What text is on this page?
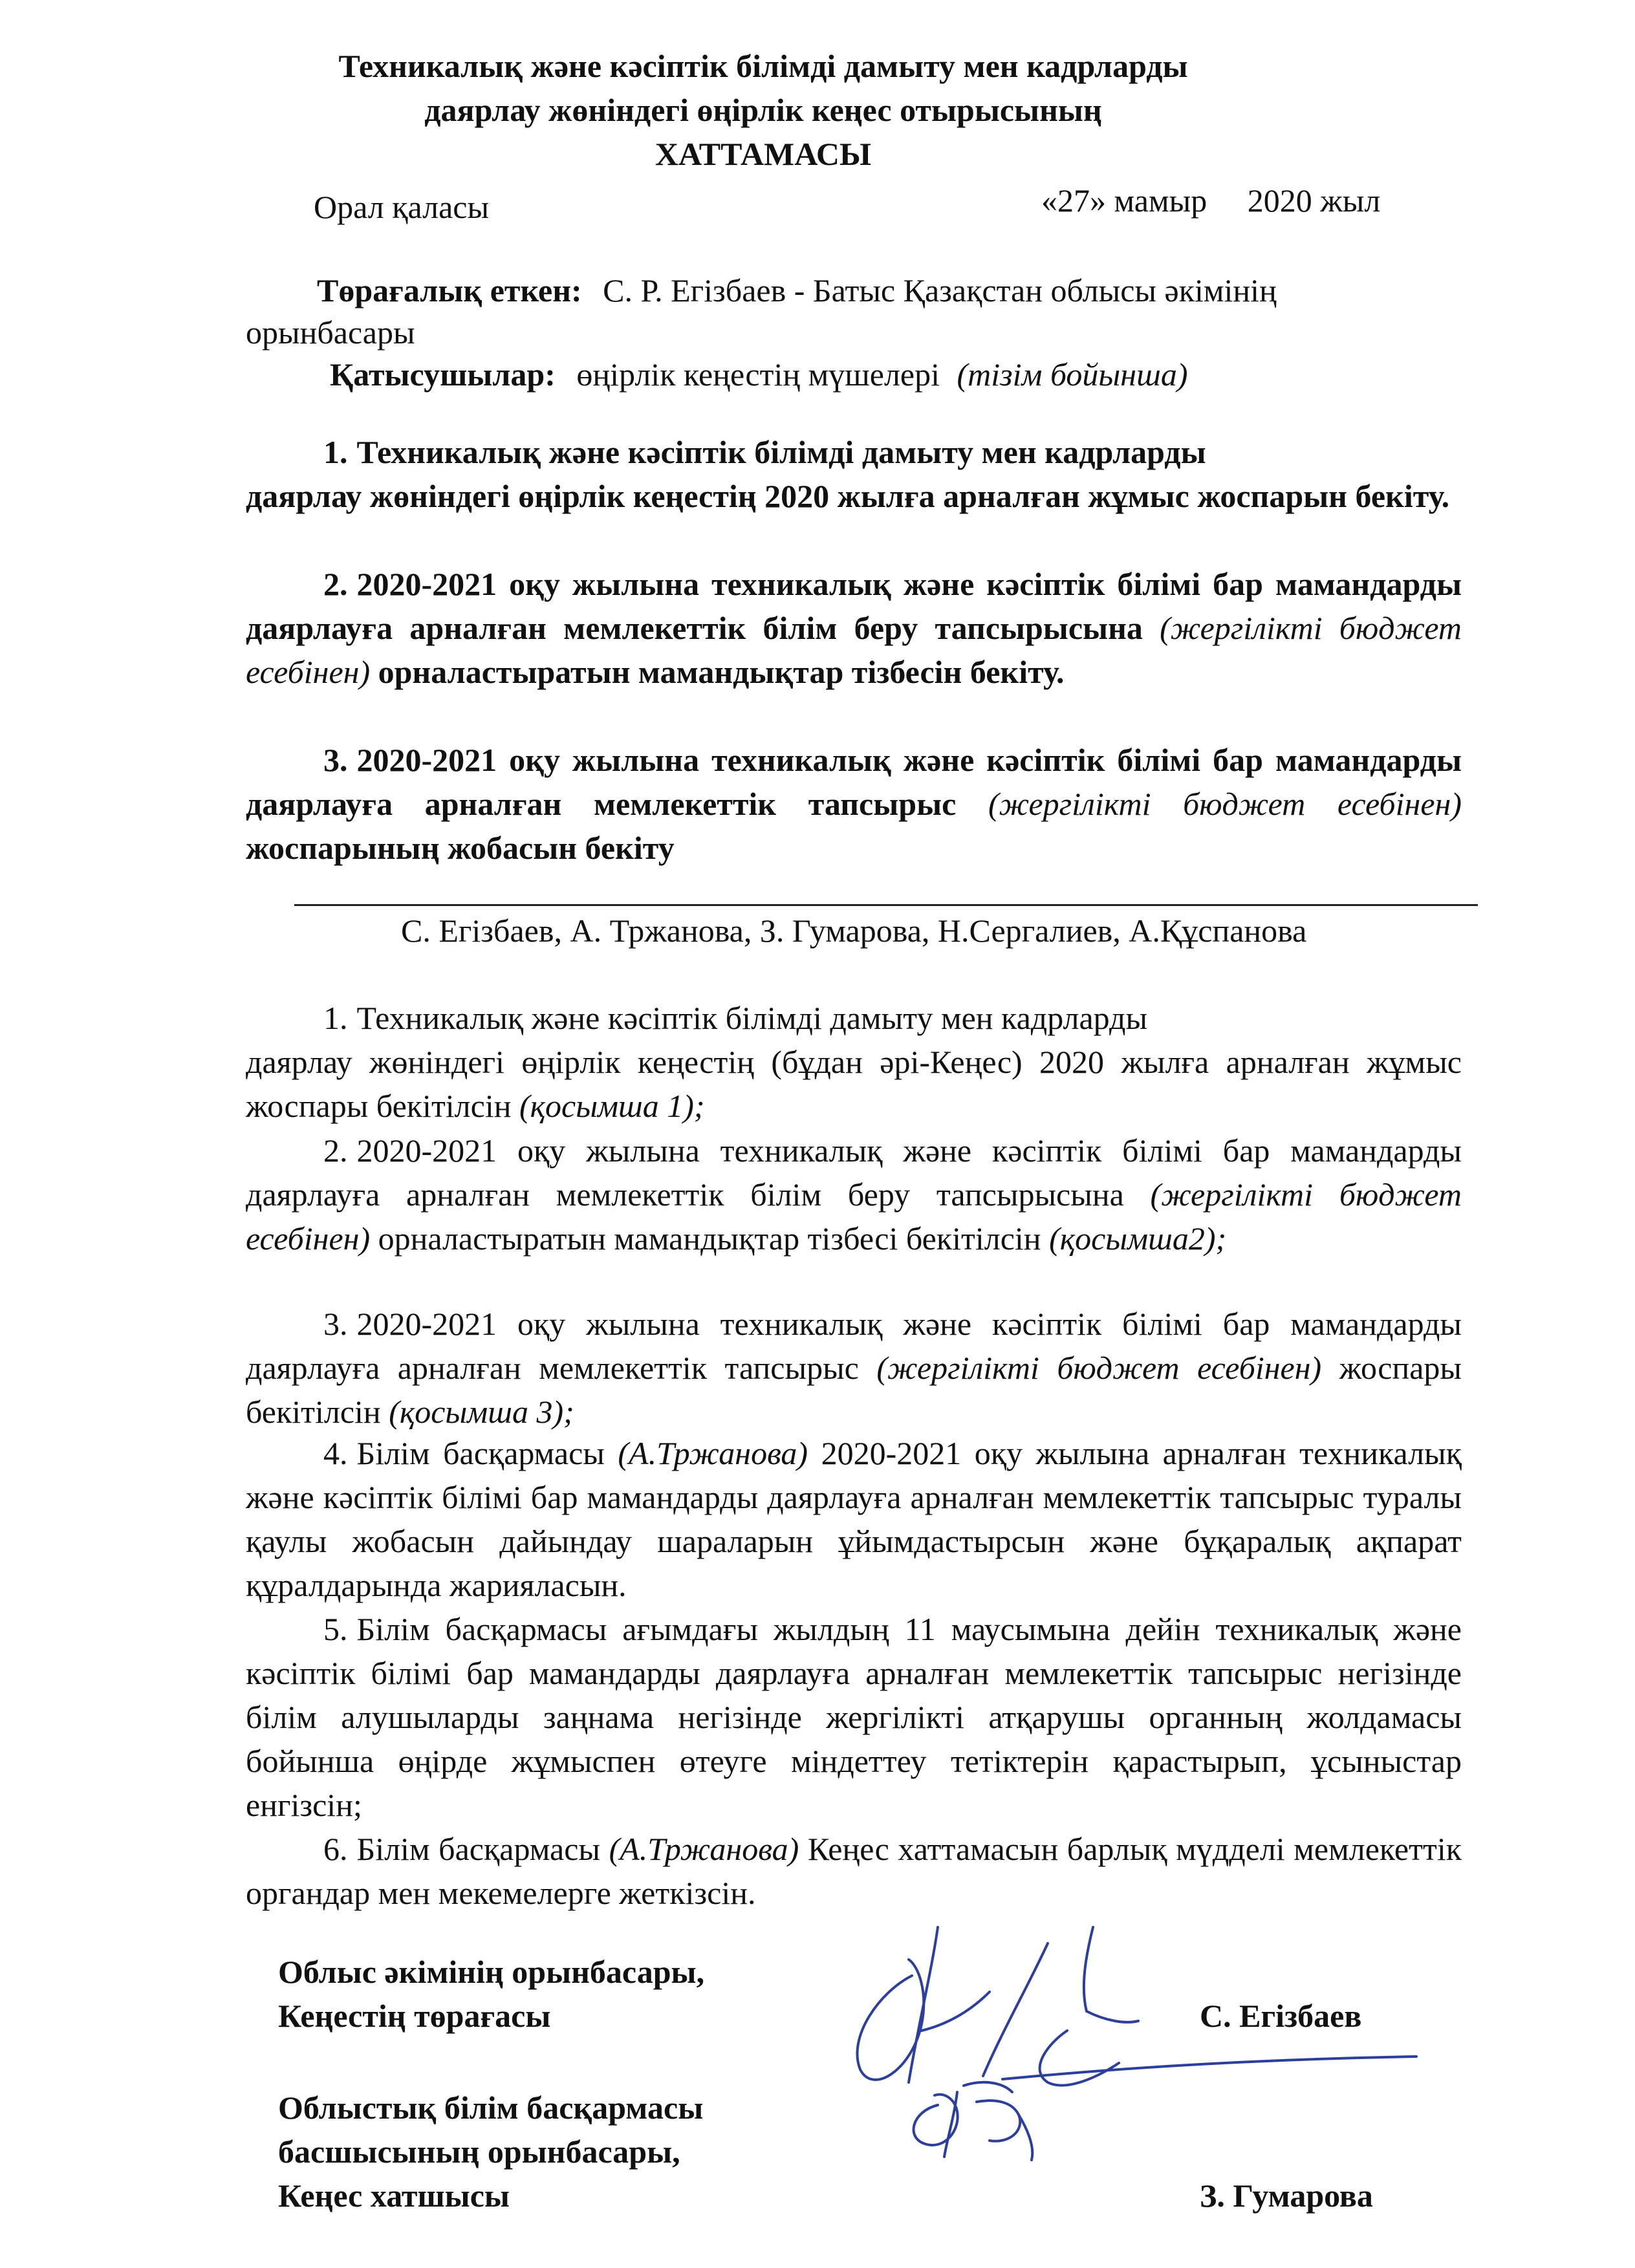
Техникалық және кәсіптік білімді дамыту мен кадрларды
даярлау жөніндегі өңірлік кеңес отырысының
ХАТТАМАСЫ
Орал қаласы	«27» мамыр     2020 жыл
Төрағалық еткен: С. Р. Егізбаев - Батыс Қазақстан облысы әкімінің
орынбасары
Қатысушылар: өңірлік кеңестің мүшелері (тізім бойынша)
1. Техникалық және кәсіптік білімді дамыту мен кадрларды
даярлау жөніндегі өңірлік кеңестің 2020 жылға арналған жұмыс жоспарын бекіту.
2. 2020-2021 оқу жылына техникалық және кәсіптік білімі бар мамандарды даярлауға арналған мемлекеттік білім беру тапсырысына (жергілікті бюджет есебінен) орналастыратын мамандықтар тізбесін бекіту.
3. 2020-2021 оқу жылына техникалық және кәсіптік білімі бар мамандарды даярлауға арналған мемлекеттік тапсырыс (жергілікті бюджет есебінен) жоспарының жобасын бекіту
С. Егізбаев, А. Тржанова, З. Гумарова, Н.Сергалиев, А.Құспанова
1. Техникалық және кәсіптік білімді дамыту мен кадрларды
даярлау жөніндегі өңірлік кеңестің (бұдан әрі-Кеңес) 2020 жылға арналған жұмыс жоспары бекітілсін (қосымша 1);
2. 2020-2021 оқу жылына техникалық және кәсіптік білімі бар мамандарды даярлауға арналған мемлекеттік білім беру тапсырысына (жергілікті бюджет есебінен) орналастыратын мамандықтар тізбесі бекітілсін (қосымша2);
3. 2020-2021 оқу жылына техникалық және кәсіптік білімі бар мамандарды даярлауға арналған мемлекеттік тапсырыс (жергілікті бюджет есебінен) жоспары бекітілсін (қосымша 3);
4. Білім басқармасы (А.Тржанова) 2020-2021 оқу жылына арналған техникалық және кәсіптік білімі бар мамандарды даярлауға арналған мемлекеттік тапсырыс туралы қаулы жобасын дайындау шараларын ұйымдастырсын және бұқаралық ақпарат құралдарында жарияласын.
5. Білім басқармасы ағымдағы жылдың 11 маусымына дейін техникалық және кәсіптік білімі бар мамандарды даярлауға арналған мемлекеттік тапсырыс негізінде білім алушыларды заңнама негізінде жергілікті атқарушы органның жолдамасы бойынша өңірде жұмыспен өтеуге міндеттеу тетіктерін қарастырып, ұсыныстар енгізсін;
6. Білім басқармасы (А.Тржанова) Кеңес хаттамасын барлық мүдделі мемлекеттік органдар мен мекемелерге жеткізсін.
Облыс әкімінің орынбасары,
Кеңестің төрағасы	С. Егізбаев
Облыстық білім басқармасы
басшысының орынбасары,
Кеңес хатшысы	З. Гумарова
